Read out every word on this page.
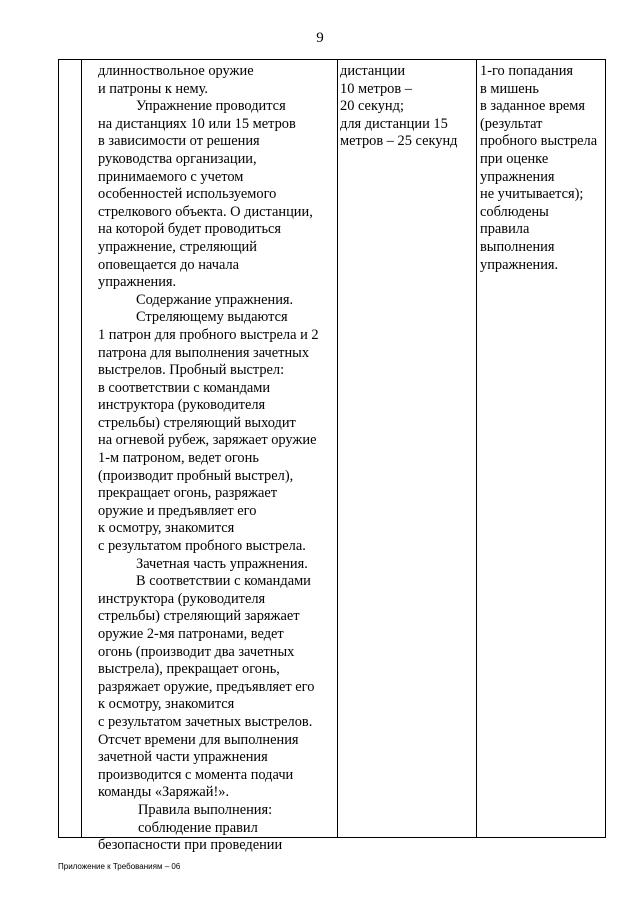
9
длинноствольное оружие
и патроны к нему.
Упражнение проводится
на дистанциях 10 или 15 метров
в зависимости от решения
руководства организации,
принимаемого с учетом
особенностей используемого
стрелкового объекта. О дистанции,
на которой будет проводиться
упражнение, стреляющий
оповещается до начала
упражнения.
Содержание упражнения.
Стреляющему выдаются
1 патрон для пробного выстрела и 2
патрона для выполнения зачетных
выстрелов. Пробный выстрел:
в соответствии с командами
инструктора (руководителя
стрельбы) стреляющий выходит
на огневой рубеж, заряжает оружие
1-м патроном, ведет огонь
(производит пробный выстрел),
прекращает огонь, разряжает
оружие и предъявляет его
к осмотру, знакомится
с результатом пробного выстрела.
Зачетная часть упражнения.
В соответствии с командами
инструктора (руководителя
стрельбы) стреляющий заряжает
оружие 2-мя патронами, ведет
огонь (производит два зачетных
выстрела), прекращает огонь,
разряжает оружие, предъявляет его
к осмотру, знакомится
с результатом зачетных выстрелов.
Отсчет времени для выполнения
зачетной части упражнения
производится с момента подачи
команды «Заряжай!».
Правила выполнения:
соблюдение правил
безопасности при проведении
дистанции
10 метров –
20 секунд;
для дистанции 15
метров – 25 секунд
1-го попадания
в мишень
в заданное время
(результат
пробного выстрела
при оценке
упражнения
не учитывается);
соблюдены
правила
выполнения
упражнения.
Приложение к Требованиям – 06
